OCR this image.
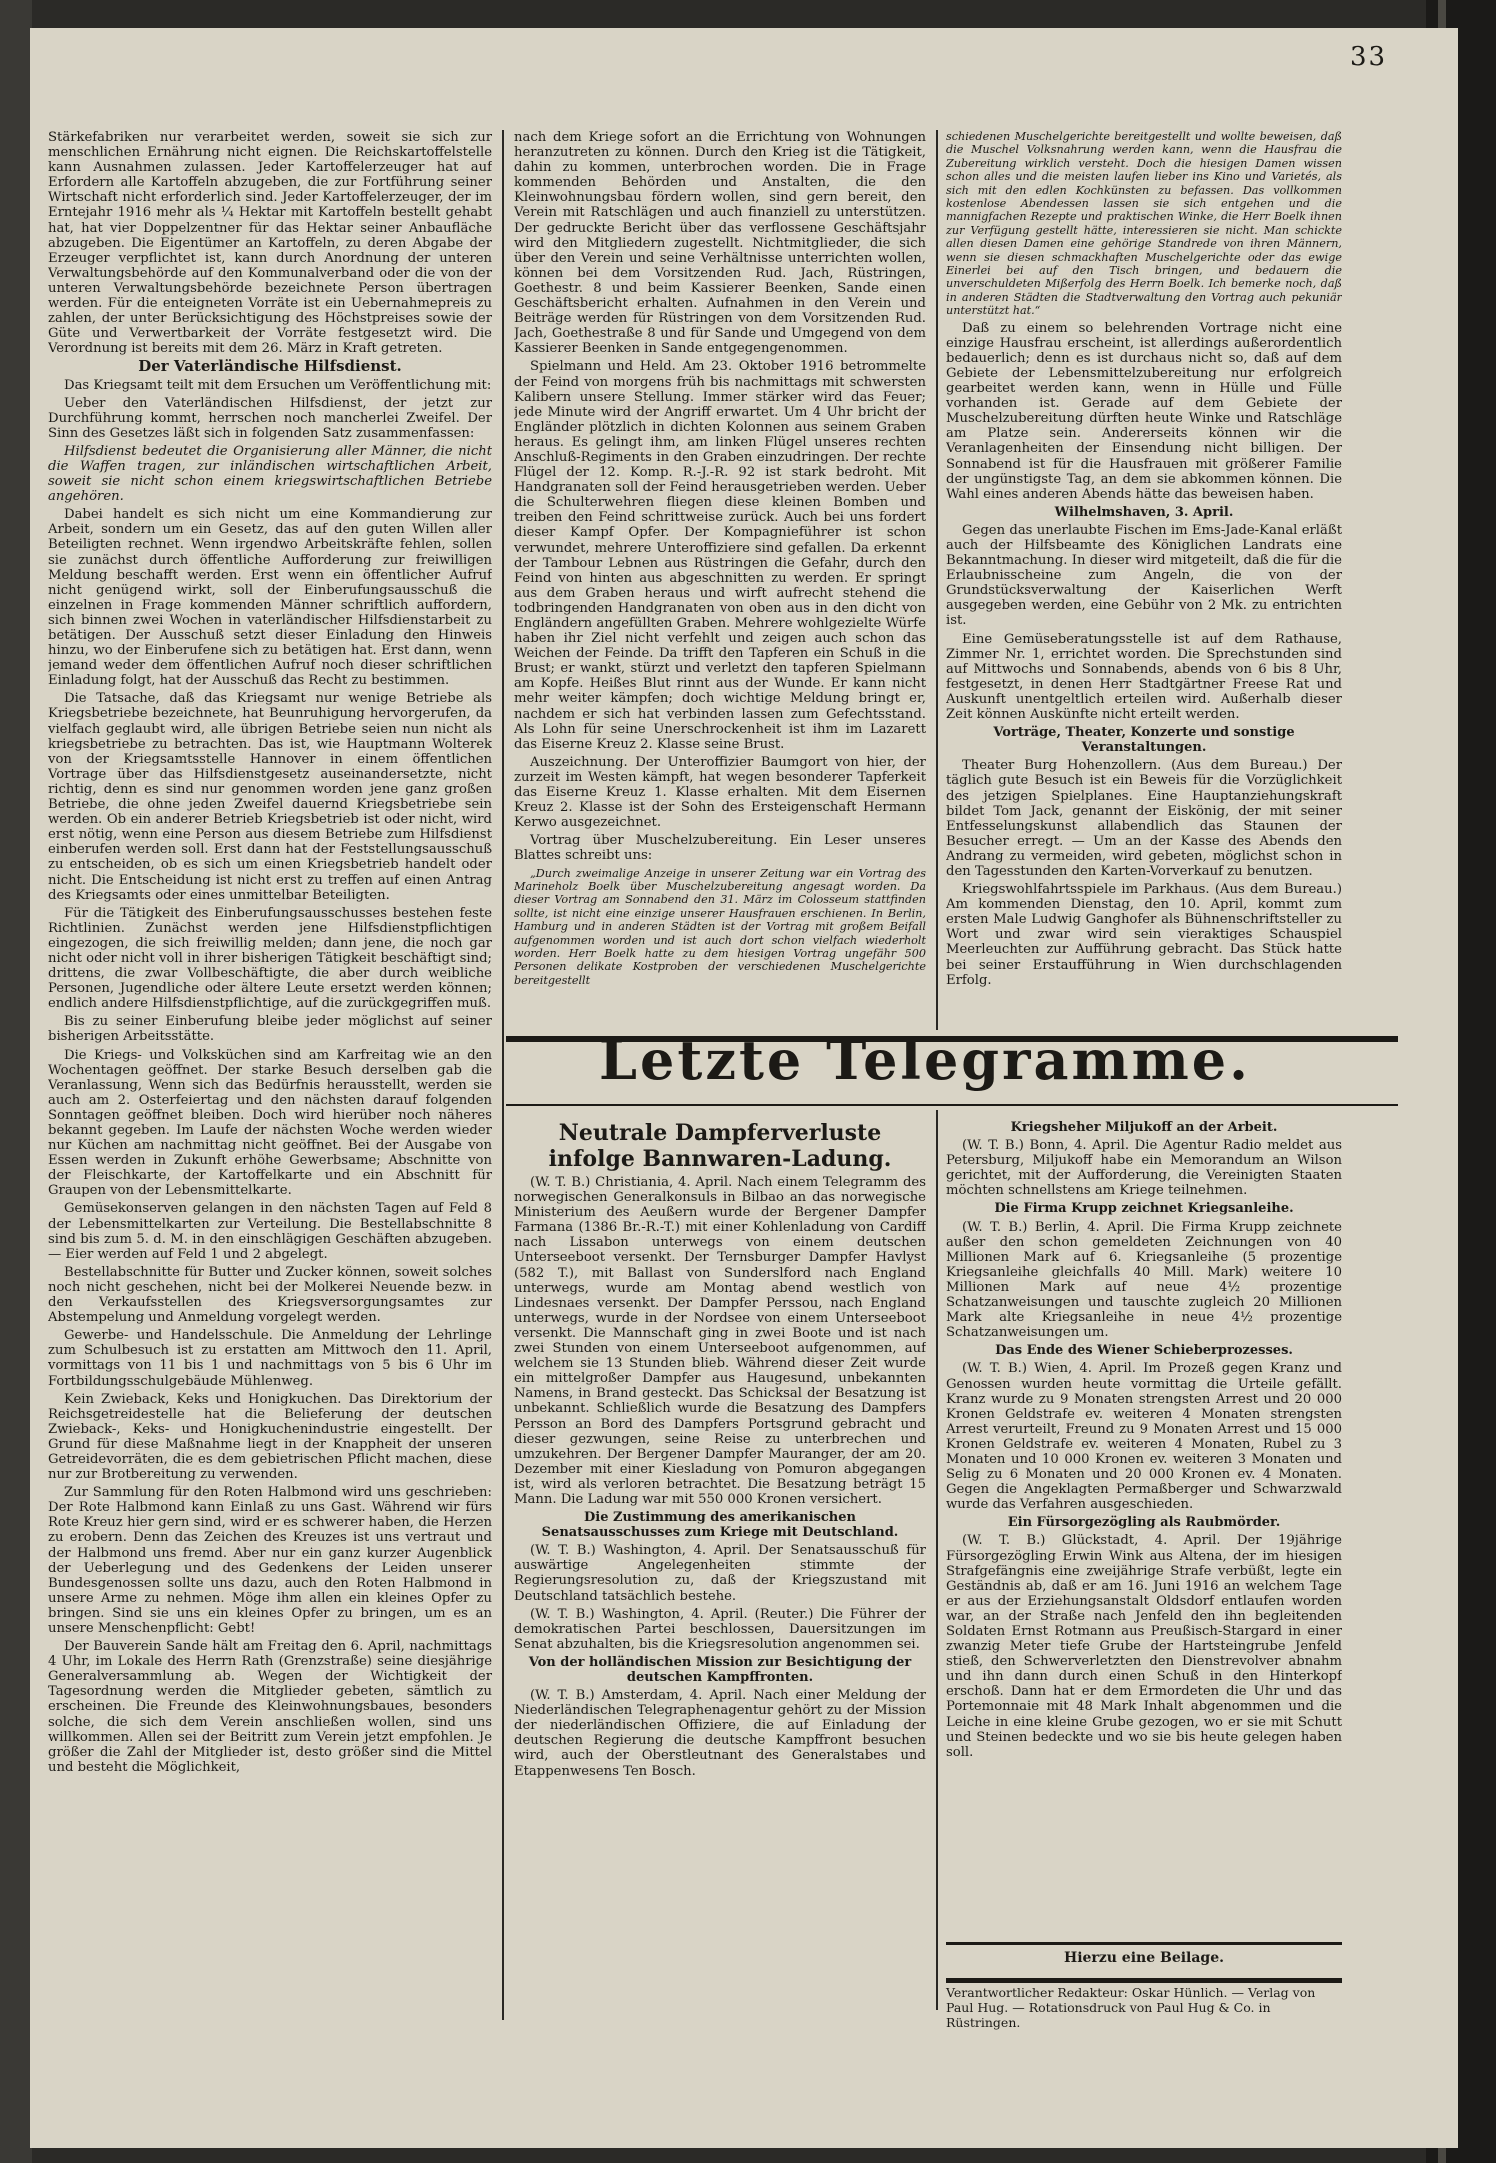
33

Stärkefabriken nur verarbeitet werden, soweit sie sich zur menschlichen Ernährung nicht eignen. Die Reichskartoffelstelle kann Ausnahmen zulassen. Jeder Kartoffelerzeuger hat auf Erfordern alle Kartoffeln abzugeben, die zur Fortführung seiner Wirtschaft nicht erforderlich sind. Jeder Kartoffelerzeuger, der im Erntejahr 1916 mehr als ¼ Hektar mit Kartoffeln bestellt gehabt hat, hat vier Doppelzentner für das Hektar seiner Anbaufläche abzugeben. Die Eigentümer an Kartoffeln, zu deren Abgabe der Erzeuger verpflichtet ist, kann durch Anordnung der unteren Verwaltungsbehörde auf den Kommunalverband oder die von der unteren Verwaltungsbehörde bezeichnete Person übertragen werden. Für die enteigneten Vorräte ist ein Uebernahmepreis zu zahlen, der unter Berücksichtigung des Höchstpreises sowie der Güte und Verwertbarkeit der Vorräte festgesetzt wird. Die Verordnung ist bereits mit dem 26. März in Kraft getreten.

Der Vaterländische Hilfsdienst.

Das Kriegsamt teilt mit dem Ersuchen um Veröffentlichung mit:

Ueber den Vaterländischen Hilfsdienst, der jetzt zur Durchführung kommt, herrschen noch mancherlei Zweifel. Der Sinn des Gesetzes läßt sich in folgenden Satz zusammenfassen:

Hilfsdienst bedeutet die Organisierung aller Männer, die nicht die Waffen tragen, zur inländischen wirtschaftlichen Arbeit, soweit sie nicht schon einem kriegswirtschaftlichen Betriebe angehören.

Dabei handelt es sich nicht um eine Kommandierung zur Arbeit, sondern um ein Gesetz, das auf den guten Willen aller Beteiligten rechnet. Wenn irgendwo Arbeitskräfte fehlen, sollen sie zunächst durch öffentliche Aufforderung zur freiwilligen Meldung beschafft werden. Erst wenn ein öffentlicher Aufruf nicht genügend wirkt, soll der Einberufungsausschuß die einzelnen in Frage kommenden Männer schriftlich auffordern, sich binnen zwei Wochen in vaterländischer Hilfsdienstarbeit zu betätigen. Der Ausschuß setzt dieser Einladung den Hinweis hinzu, wo der Einberufene sich zu betätigen hat. Erst dann, wenn jemand weder dem öffentlichen Aufruf noch dieser schriftlichen Einladung folgt, hat der Ausschuß das Recht zu bestimmen.

Die Tatsache, daß das Kriegsamt nur wenige Betriebe als Kriegsbetriebe bezeichnete, hat Beunruhigung hervorgerufen, da vielfach geglaubt wird, alle übrigen Betriebe seien nun nicht als kriegsbetriebe zu betrachten. Das ist, wie Hauptmann Wolterek von der Kriegsamtsstelle Hannover in einem öffentlichen Vortrage über das Hilfsdienstgesetz auseinandersetzte, nicht richtig, denn es sind nur genommen worden jene ganz großen Betriebe, die ohne jeden Zweifel dauernd Kriegsbetriebe sein werden. Ob ein anderer Betrieb Kriegsbetrieb ist oder nicht, wird erst nötig, wenn eine Person aus diesem Betriebe zum Hilfsdienst einberufen werden soll. Erst dann hat der Feststellungsausschuß zu entscheiden, ob es sich um einen Kriegsbetrieb handelt oder nicht. Die Entscheidung ist nicht erst zu treffen auf einen Antrag des Kriegsamts oder eines unmittelbar Beteiligten.

Für die Tätigkeit des Einberufungsausschusses bestehen feste Richtlinien. Zunächst werden jene Hilfsdienstpflichtigen eingezogen, die sich freiwillig melden; dann jene, die noch gar nicht oder nicht voll in ihrer bisherigen Tätigkeit beschäftigt sind; drittens, die zwar Vollbeschäftigte, die aber durch weibliche Personen, Jugendliche oder ältere Leute ersetzt werden können; endlich andere Hilfsdienstpflichtige, auf die zurückgegriffen muß.

Bis zu seiner Einberufung bleibe jeder möglichst auf seiner bisherigen Arbeitsstätte.

Die Kriegs- und Volksküchen sind am Karfreitag wie an den Wochentagen geöffnet. Der starke Besuch derselben gab die Veranlassung, Wenn sich das Bedürfnis herausstellt, werden sie auch am 2. Osterfeiertag und den nächsten darauf folgenden Sonntagen geöffnet bleiben. Doch wird hierüber noch näheres bekannt gegeben. Im Laufe der nächsten Woche werden wieder nur Küchen am nachmittag nicht geöffnet. Bei der Ausgabe von Essen werden in Zukunft erhöhe Gewerbsame; Abschnitte von der Fleischkarte, der Kartoffelkarte und ein Abschnitt für Graupen von der Lebensmittelkarte.

Gemüsekonserven gelangen in den nächsten Tagen auf Feld 8 der Lebensmittelkarten zur Verteilung. Die Bestellabschnitte 8 sind bis zum 5. d. M. in den einschlägigen Geschäften abzugeben. — Eier werden auf Feld 1 und 2 abgelegt.

Bestellabschnitte für Butter und Zucker können, soweit solches noch nicht geschehen, nicht bei der Molkerei Neuende bezw. in den Verkaufsstellen des Kriegsversorgungsamtes zur Abstempelung und Anmeldung vorgelegt werden.

Gewerbe- und Handelsschule. Die Anmeldung der Lehrlinge zum Schulbesuch ist zu erstatten am Mittwoch den 11. April, vormittags von 11 bis 1 und nachmittags von 5 bis 6 Uhr im Fortbildungsschulgebäude Mühlenweg.

Kein Zwieback, Keks und Honigkuchen. Das Direktorium der Reichsgetreidestelle hat die Belieferung der deutschen Zwieback-, Keks- und Honigkuchenindustrie eingestellt. Der Grund für diese Maßnahme liegt in der Knappheit der unseren Getreidevorräten, die es dem gebietrischen Pflicht machen, diese nur zur Brotbereitung zu verwenden.

Zur Sammlung für den Roten Halbmond wird uns geschrieben: Der Rote Halbmond kann Einlaß zu uns Gast. Während wir fürs Rote Kreuz hier gern sind, wird er es schwerer haben, die Herzen zu erobern. Denn das Zeichen des Kreuzes ist uns vertraut und der Halbmond uns fremd. Aber nur ein ganz kurzer Augenblick der Ueberlegung und des Gedenkens der Leiden unserer Bundesgenossen sollte uns dazu, auch den Roten Halbmond in unsere Arme zu nehmen. Möge ihm allen ein kleines Opfer zu bringen. Sind sie uns ein kleines Opfer zu bringen, um es an unsere Menschenpflicht: Gebt!

Der Bauverein Sande hält am Freitag den 6. April, nachmittags 4 Uhr, im Lokale des Herrn Rath (Grenzstraße) seine diesjährige Generalversammlung ab. Wegen der Wichtigkeit der Tagesordnung werden die Mitglieder gebeten, sämtlich zu erscheinen. Die Freunde des Kleinwohnungsbaues, besonders solche, die sich dem Verein anschließen wollen, sind uns willkommen. Allen sei der Beitritt zum Verein jetzt empfohlen. Je größer die Zahl der Mitglieder ist, desto größer sind die Mittel und besteht die Möglichkeit,

nach dem Kriege sofort an die Errichtung von Wohnungen heranzutreten zu können. Durch den Krieg ist die Tätigkeit, dahin zu kommen, unterbrochen worden. Die in Frage kommenden Behörden und Anstalten, die den Kleinwohnungsbau fördern wollen, sind gern bereit, den Verein mit Ratschlägen und auch finanziell zu unterstützen. Der gedruckte Bericht über das verflossene Geschäftsjahr wird den Mitgliedern zugestellt. Nichtmitglieder, die sich über den Verein und seine Verhältnisse unterrichten wollen, können bei dem Vorsitzenden Rud. Jach, Rüstringen, Goethestr. 8 und beim Kassierer Beenken, Sande einen Geschäftsbericht erhalten. Aufnahmen in den Verein und Beiträge werden für Rüstringen von dem Vorsitzenden Rud. Jach, Goethestraße 8 und für Sande und Umgegend von dem Kassierer Beenken in Sande entgegengenommen.

Spielmann und Held. Am 23. Oktober 1916 betrommelte der Feind von morgens früh bis nachmittags mit schwersten Kalibern unsere Stellung. Immer stärker wird das Feuer; jede Minute wird der Angriff erwartet. Um 4 Uhr bricht der Engländer plötzlich in dichten Kolonnen aus seinem Graben heraus. Es gelingt ihm, am linken Flügel unseres rechten Anschluß-Regiments in den Graben einzudringen. Der rechte Flügel der 12. Komp. R.-J.-R. 92 ist stark bedroht. Mit Handgranaten soll der Feind herausgetrieben werden. Ueber die Schulterwehren fliegen diese kleinen Bomben und treiben den Feind schrittweise zurück. Auch bei uns fordert dieser Kampf Opfer. Der Kompagnieführer ist schon verwundet, mehrere Unteroffiziere sind gefallen. Da erkennt der Tambour Lebnen aus Rüstringen die Gefahr, durch den Feind von hinten aus abgeschnitten zu werden. Er springt aus dem Graben heraus und wirft aufrecht stehend die todbringenden Handgranaten von oben aus in den dicht von Engländern angefüllten Graben. Mehrere wohlgezielte Würfe haben ihr Ziel nicht verfehlt und zeigen auch schon das Weichen der Feinde. Da trifft den Tapferen ein Schuß in die Brust; er wankt, stürzt und verletzt den tapferen Spielmann am Kopfe. Heißes Blut rinnt aus der Wunde. Er kann nicht mehr weiter kämpfen; doch wichtige Meldung bringt er, nachdem er sich hat verbinden lassen zum Gefechtsstand. Als Lohn für seine Unerschrockenheit ist ihm im Lazarett das Eiserne Kreuz 2. Klasse seine Brust.

Auszeichnung. Der Unteroffizier Baumgort von hier, der zurzeit im Westen kämpft, hat wegen besonderer Tapferkeit das Eiserne Kreuz 1. Klasse erhalten. Mit dem Eisernen Kreuz 2. Klasse ist der Sohn des Ersteigenschaft Hermann Kerwo ausgezeichnet.

Vortrag über Muschelzubereitung. Ein Leser unseres Blattes schreibt uns:

„Durch zweimalige Anzeige in unserer Zeitung war ein Vortrag des Marineholz Boelk über Muschelzubereitung angesagt worden. Da dieser Vortrag am Sonnabend den 31. März im Colosseum stattfinden sollte, ist nicht eine einzige unserer Hausfrauen erschienen. In Berlin, Hamburg und in anderen Städten ist der Vortrag mit großem Beifall aufgenommen worden und ist auch dort schon vielfach wiederholt worden. Herr Boelk hatte zu dem hiesigen Vortrag ungefähr 500 Personen delikate Kostproben der verschiedenen Muschelgerichte bereitgestellt

schiedenen Muschelgerichte bereitgestellt und wollte beweisen, daß die Muschel Volksnahrung werden kann, wenn die Hausfrau die Zubereitung wirklich versteht. Doch die hiesigen Damen wissen schon alles und die meisten laufen lieber ins Kino und Varietés, als sich mit den edlen Kochkünsten zu befassen. Das vollkommen kostenlose Abendessen lassen sie sich entgehen und die mannigfachen Rezepte und praktischen Winke, die Herr Boelk ihnen zur Verfügung gestellt hätte, interessieren sie nicht. Man schickte allen diesen Damen eine gehörige Standrede von ihren Männern, wenn sie diesen schmackhaften Muschelgerichte oder das ewige Einerlei bei auf den Tisch bringen, und bedauern die unverschuldeten Mißerfolg des Herrn Boelk. Ich bemerke noch, daß in anderen Städten die Stadtverwaltung den Vortrag auch pekuniär unterstützt hat.“

Daß zu einem so belehrenden Vortrage nicht eine einzige Hausfrau erscheint, ist allerdings außerordentlich bedauerlich; denn es ist durchaus nicht so, daß auf dem Gebiete der Lebensmittelzubereitung nur erfolgreich gearbeitet werden kann, wenn in Hülle und Fülle vorhanden ist. Gerade auf dem Gebiete der Muschelzubereitung dürften heute Winke und Ratschläge am Platze sein. Andererseits können wir die Veranlagenheiten der Einsendung nicht billigen. Der Sonnabend ist für die Hausfrauen mit größerer Familie der ungünstigste Tag, an dem sie abkommen können. Die Wahl eines anderen Abends hätte das beweisen haben.

Wilhelmshaven, 3. April.

Gegen das unerlaubte Fischen im Ems-Jade-Kanal erläßt auch der Hilfsbeamte des Königlichen Landrats eine Bekanntmachung. In dieser wird mitgeteilt, daß die für die Erlaubnisscheine zum Angeln, die von der Grundstücksverwaltung der Kaiserlichen Werft ausgegeben werden, eine Gebühr von 2 Mk. zu entrichten ist.

Eine Gemüseberatungsstelle ist auf dem Rathause, Zimmer Nr. 1, errichtet worden. Die Sprechstunden sind auf Mittwochs und Sonnabends, abends von 6 bis 8 Uhr, festgesetzt, in denen Herr Stadtgärtner Freese Rat und Auskunft unentgeltlich erteilen wird. Außerhalb dieser Zeit können Auskünfte nicht erteilt werden.

Vorträge, Theater, Konzerte und sonstige Veranstaltungen.

Theater Burg Hohenzollern. (Aus dem Bureau.) Der täglich gute Besuch ist ein Beweis für die Vorzüglichkeit des jetzigen Spielplanes. Eine Hauptanziehungskraft bildet Tom Jack, genannt der Eiskönig, der mit seiner Entfesselungskunst allabendlich das Staunen der Besucher erregt. — Um an der Kasse des Abends den Andrang zu vermeiden, wird gebeten, möglichst schon in den Tagesstunden den Karten-Vorverkauf zu benutzen.

Kriegswohlfahrtsspiele im Parkhaus. (Aus dem Bureau.) Am kommenden Dienstag, den 10. April, kommt zum ersten Male Ludwig Ganghofer als Bühnenschriftsteller zu Wort und zwar wird sein vieraktiges Schauspiel Meerleuchten zur Aufführung gebracht. Das Stück hatte bei seiner Erstaufführung in Wien durchschlagenden Erfolg.

Letzte Telegramme.

Neutrale Dampferverluste infolge Bannwaren-Ladung.

(W. T. B.) Christiania, 4. April. Nach einem Telegramm des norwegischen Generalkonsuls in Bilbao an das norwegische Ministerium des Aeußern wurde der Bergener Dampfer Farmana (1386 Br.-R.-T.) mit einer Kohlenladung von Cardiff nach Lissabon unterwegs von einem deutschen Unterseeboot versenkt. Der Ternsburger Dampfer Havlyst (582 T.), mit Ballast von Sunderslford nach England unterwegs, wurde am Montag abend westlich von Lindesnaes versenkt. Der Dampfer Perssou, nach England unterwegs, wurde in der Nordsee von einem Unterseeboot versenkt. Die Mannschaft ging in zwei Boote und ist nach zwei Stunden von einem Unterseeboot aufgenommen, auf welchem sie 13 Stunden blieb. Während dieser Zeit wurde ein mittelgroßer Dampfer aus Haugesund, unbekannten Namens, in Brand gesteckt. Das Schicksal der Besatzung ist unbekannt. Schließlich wurde die Besatzung des Dampfers Persson an Bord des Dampfers Portsgrund gebracht und dieser gezwungen, seine Reise zu unterbrechen und umzukehren. Der Bergener Dampfer Mauranger, der am 20. Dezember mit einer Kiesladung von Pomuron abgegangen ist, wird als verloren betrachtet. Die Besatzung beträgt 15 Mann. Die Ladung war mit 550 000 Kronen versichert.

Die Zustimmung des amerikanischen Senatsausschusses zum Kriege mit Deutschland.

(W. T. B.) Washington, 4. April. Der Senatsausschuß für auswärtige Angelegenheiten stimmte der Regierungsresolution zu, daß der Kriegszustand mit Deutschland tatsächlich bestehe.

(W. T. B.) Washington, 4. April. (Reuter.) Die Führer der demokratischen Partei beschlossen, Dauersitzungen im Senat abzuhalten, bis die Kriegsresolution angenommen sei.

Von der holländischen Mission zur Besichtigung der deutschen Kampffronten.

(W. T. B.) Amsterdam, 4. April. Nach einer Meldung der Niederländischen Telegraphenagentur gehört zu der Mission der niederländischen Offiziere, die auf Einladung der deutschen Regierung die deutsche Kampffront besuchen wird, auch der Oberstleutnant des Generalstabes und Etappenwesens Ten Bosch.

Kriegsheher Miljukoff an der Arbeit.

(W. T. B.) Bonn, 4. April. Die Agentur Radio meldet aus Petersburg, Miljukoff habe ein Memorandum an Wilson gerichtet, mit der Aufforderung, die Vereinigten Staaten möchten schnellstens am Kriege teilnehmen.

Die Firma Krupp zeichnet Kriegsanleihe.

(W. T. B.) Berlin, 4. April. Die Firma Krupp zeichnete außer den schon gemeldeten Zeichnungen von 40 Millionen Mark auf 6. Kriegsanleihe (5 prozentige Kriegsanleihe gleichfalls 40 Mill. Mark) weitere 10 Millionen Mark auf neue 4½ prozentige Schatzanweisungen und tauschte zugleich 20 Millionen Mark alte Kriegsanleihe in neue 4½ prozentige Schatzanweisungen um.

Das Ende des Wiener Schieberprozesses.

(W. T. B.) Wien, 4. April. Im Prozeß gegen Kranz und Genossen wurden heute vormittag die Urteile gefällt. Kranz wurde zu 9 Monaten strengsten Arrest und 20 000 Kronen Geldstrafe ev. weiteren 4 Monaten strengsten Arrest verurteilt, Freund zu 9 Monaten Arrest und 15 000 Kronen Geldstrafe ev. weiteren 4 Monaten, Rubel zu 3 Monaten und 10 000 Kronen ev. weiteren 3 Monaten und Selig zu 6 Monaten und 20 000 Kronen ev. 4 Monaten. Gegen die Angeklagten Permaßberger und Schwarzwald wurde das Verfahren ausgeschieden.

Ein Fürsorgezögling als Raubmörder.

(W. T. B.) Glückstadt, 4. April. Der 19jährige Fürsorgezögling Erwin Wink aus Altena, der im hiesigen Strafgefängnis eine zweijährige Strafe verbüßt, legte ein Geständnis ab, daß er am 16. Juni 1916 an welchem Tage er aus der Erziehungsanstalt Oldsdorf entlaufen worden war, an der Straße nach Jenfeld den ihn begleitenden Soldaten Ernst Rotmann aus Preußisch-Stargard in einer zwanzig Meter tiefe Grube der Hartsteingrube Jenfeld stieß, den Schwerverletzten den Dienstrevolver abnahm und ihn dann durch einen Schuß in den Hinterkopf erschoß. Dann hat er dem Ermordeten die Uhr und das Portemonnaie mit 48 Mark Inhalt abgenommen und die Leiche in eine kleine Grube gezogen, wo er sie mit Schutt und Steinen bedeckte und wo sie bis heute gelegen haben soll.

Hierzu eine Beilage.
Verantwortlicher Redakteur: Oskar Hünlich. — Verlag von Paul Hug. — Rotationsdruck von Paul Hug & Co. in Rüstringen.
